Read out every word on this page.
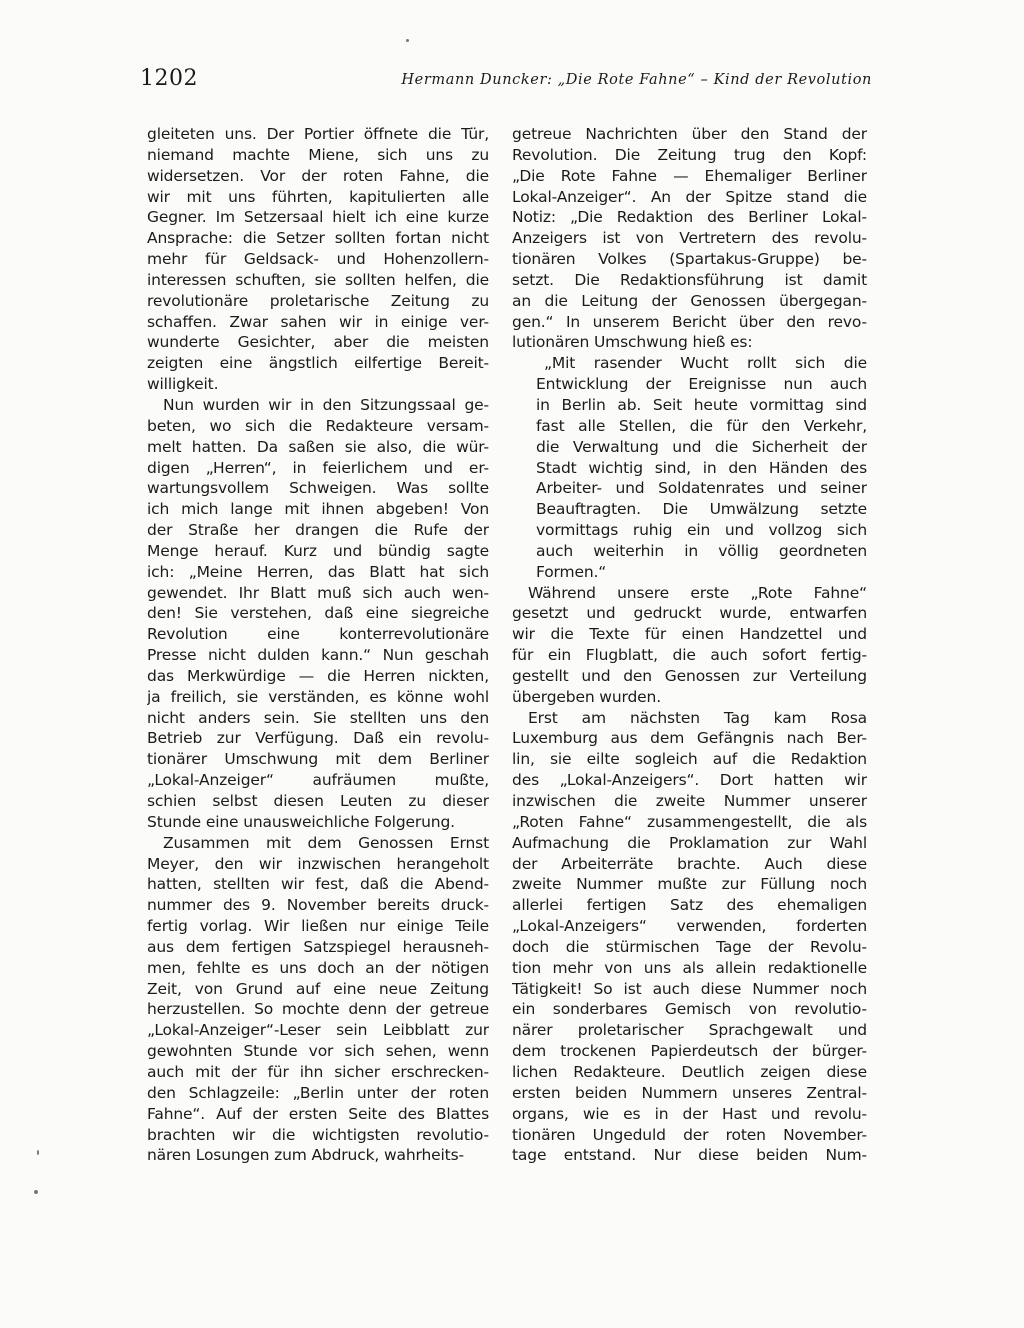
1202	Hermann Duncker: „Die Rote Fahne“ – Kind der Revolution
gleiteten uns. Der Portier öffnete die Tür,
niemand machte Miene, sich uns zu
widersetzen. Vor der roten Fahne, die
wir mit uns führten, kapitulierten alle
Gegner. Im Setzersaal hielt ich eine kurze
Ansprache: die Setzer sollten fortan nicht
mehr für Geldsack- und Hohenzollern-
interessen schuften, sie sollten helfen, die
revolutionäre proletarische Zeitung zu
schaffen. Zwar sahen wir in einige ver-
wunderte Gesichter, aber die meisten
zeigten eine ängstlich eilfertige Bereit-
willigkeit.
Nun wurden wir in den Sitzungssaal ge-
beten, wo sich die Redakteure versam-
melt hatten. Da saßen sie also, die wür-
digen „Herren“, in feierlichem und er-
wartungsvollem Schweigen. Was sollte
ich mich lange mit ihnen abgeben! Von
der Straße her drangen die Rufe der
Menge herauf. Kurz und bündig sagte
ich: „Meine Herren, das Blatt hat sich
gewendet. Ihr Blatt muß sich auch wen-
den! Sie verstehen, daß eine siegreiche
Revolution eine konterrevolutionäre
Presse nicht dulden kann.“ Nun geschah
das Merkwürdige — die Herren nickten,
ja freilich, sie verständen, es könne wohl
nicht anders sein. Sie stellten uns den
Betrieb zur Verfügung. Daß ein revolu-
tionärer Umschwung mit dem Berliner
„Lokal-Anzeiger“ aufräumen mußte,
schien selbst diesen Leuten zu dieser
Stunde eine unausweichliche Folgerung.
Zusammen mit dem Genossen Ernst
Meyer, den wir inzwischen herangeholt
hatten, stellten wir fest, daß die Abend-
nummer des 9. November bereits druck-
fertig vorlag. Wir ließen nur einige Teile
aus dem fertigen Satzspiegel herausneh-
men, fehlte es uns doch an der nötigen
Zeit, von Grund auf eine neue Zeitung
herzustellen. So mochte denn der getreue
„Lokal-Anzeiger“-Leser sein Leibblatt zur
gewohnten Stunde vor sich sehen, wenn
auch mit der für ihn sicher erschrecken-
den Schlagzeile: „Berlin unter der roten
Fahne“. Auf der ersten Seite des Blattes
brachten wir die wichtigsten revolutio-
nären Losungen zum Abdruck, wahrheits-
getreue Nachrichten über den Stand der
Revolution. Die Zeitung trug den Kopf:
„Die Rote Fahne — Ehemaliger Berliner
Lokal-Anzeiger“. An der Spitze stand die
Notiz: „Die Redaktion des Berliner Lokal-
Anzeigers ist von Vertretern des revolu-
tionären Volkes (Spartakus-Gruppe) be-
setzt. Die Redaktionsführung ist damit
an die Leitung der Genossen übergegan-
gen.“ In unserem Bericht über den revo-
lutionären Umschwung hieß es:
„Mit rasender Wucht rollt sich die
Entwicklung der Ereignisse nun auch
in Berlin ab. Seit heute vormittag sind
fast alle Stellen, die für den Verkehr,
die Verwaltung und die Sicherheit der
Stadt wichtig sind, in den Händen des
Arbeiter- und Soldatenrates und seiner
Beauftragten. Die Umwälzung setzte
vormittags ruhig ein und vollzog sich
auch weiterhin in völlig geordneten
Formen.“
Während unsere erste „Rote Fahne“
gesetzt und gedruckt wurde, entwarfen
wir die Texte für einen Handzettel und
für ein Flugblatt, die auch sofort fertig-
gestellt und den Genossen zur Verteilung
übergeben wurden.
Erst am nächsten Tag kam Rosa
Luxemburg aus dem Gefängnis nach Ber-
lin, sie eilte sogleich auf die Redaktion
des „Lokal-Anzeigers“. Dort hatten wir
inzwischen die zweite Nummer unserer
„Roten Fahne“ zusammengestellt, die als
Aufmachung die Proklamation zur Wahl
der Arbeiterräte brachte. Auch diese
zweite Nummer mußte zur Füllung noch
allerlei fertigen Satz des ehemaligen
„Lokal-Anzeigers“ verwenden, forderten
doch die stürmischen Tage der Revolu-
tion mehr von uns als allein redaktionelle
Tätigkeit! So ist auch diese Nummer noch
ein sonderbares Gemisch von revolutio-
närer proletarischer Sprachgewalt und
dem trockenen Papierdeutsch der bürger-
lichen Redakteure. Deutlich zeigen diese
ersten beiden Nummern unseres Zentral-
organs, wie es in der Hast und revolu-
tionären Ungeduld der roten November-
tage entstand. Nur diese beiden Num-
